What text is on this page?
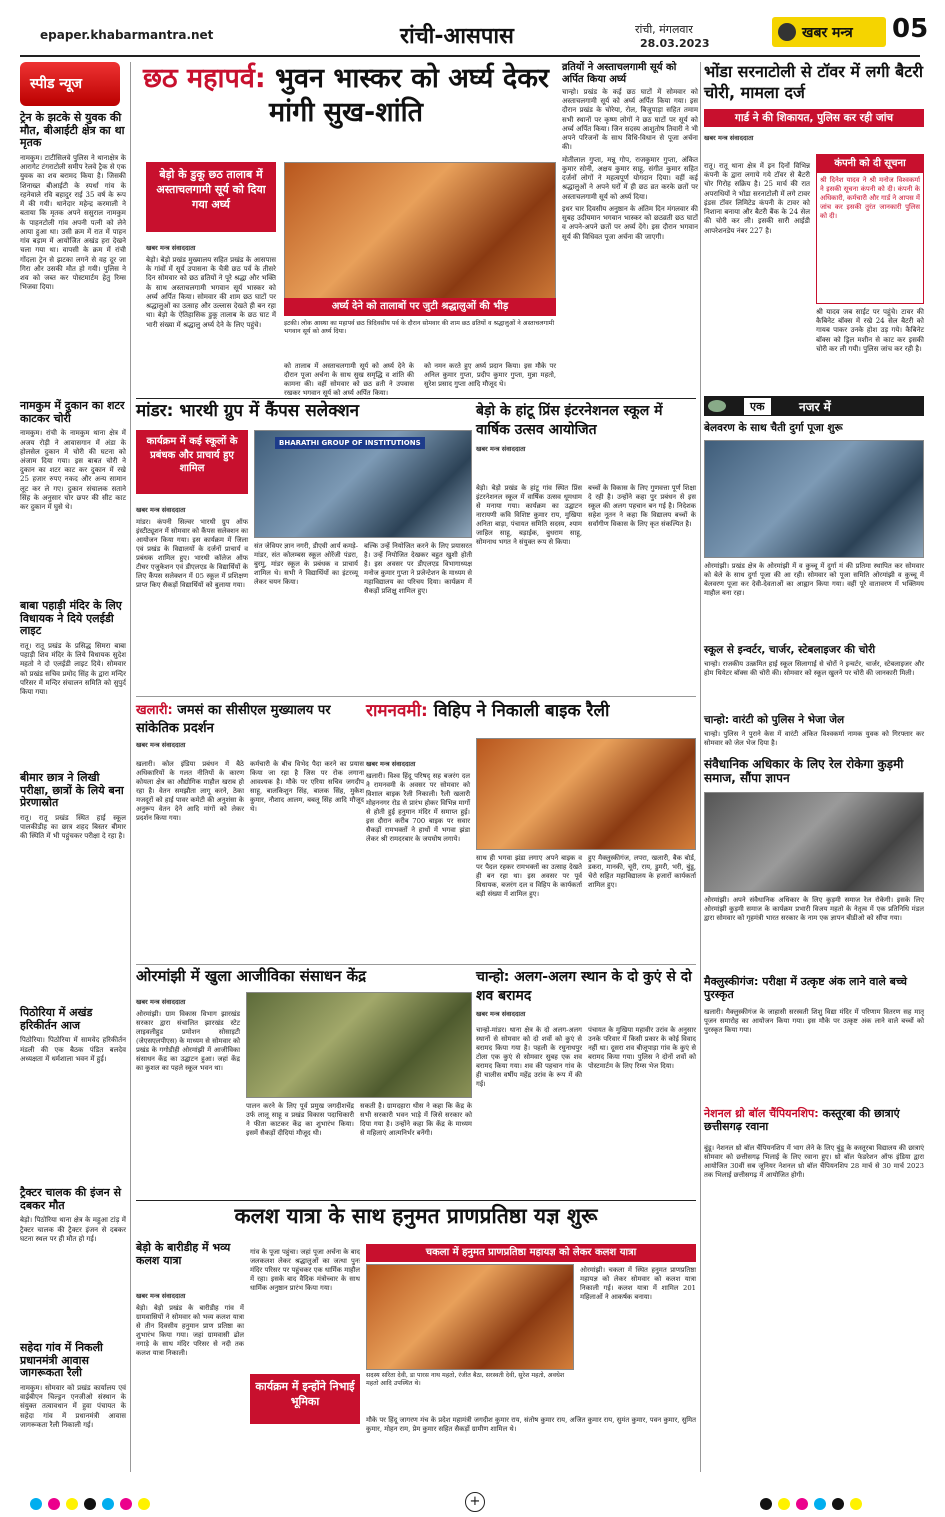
epaper.khabarmantra.net	रांची-आसपास	रांची, मंगलवार
28.03.2023
खबर मन्त्र 05
स्पीड न्यूज
ट्रेन के झटके से युवक की मौत, बीआईटी क्षेत्र का था मृतक
नामकुम। टाटीसिलवे पुलिस ने थानाक्षेत्र के आरागेट टंगराटोली समीप रेलवे ट्रैक से एक युवक का शव बरामद किया है। जिसकी शिनाख्त बीआईटी के स्पर्धा गांव के रहनेवाले रवि बहादुर राई 35 वर्ष के रूप में की गयी। थानेदार महेन्द्र करमाली ने बताया कि मृतक अपने ससुराल नामकुम के पाहनटोली गांव अपनी पत्नी को लेने आया हुआ था। उसी क्रम में रात में पाहन गांव बड़ाम में आयोजित अखंड हरा देखने चला गया था। वापसी के क्रम में रांची गोंदला ट्रेन से झटका लगने से वह दूर जा गिरा और उसकी मौत हो गयी। पुलिस ने शव को जब्त कर पोस्टमार्टम हेतु रिम्स भिजवा दिया।
नामकुम में दुकान का शटर काटकर चोरी
नामकुम। रांची के नामकुम थाना क्षेत्र में अजय रोड़ी ने आवासगान में अंडा के होलसेल दुकान में चोरी की घटना को अंजाम दिया गया। इस बाबत चोरी ने दुकान का शटर काट कर दुकान में रखे 25 हजार रुपए नकद और अन्य सामान लूट कर ले गए। दुकान संचालक सताने सिंह के अनुसार चोर छ्पर की सीट काट कर दुकान में घुसे थे।
बाबा पहाड़ी मंदिर के लिए विधायक ने दिये एलईडी लाइट
रातू। रातू प्रखंड के प्रसिद्ध सिमरा बाबा पहाड़ी शिव मंदिर के लिये विधायक सुदेश महतो ने दो एलईडी लाइट दिये। सोमवार को प्रखंड सचिव प्रमोद सिंह के द्वारा मन्दिर परिसर में मन्दिर संचालन समिति को सुपुर्द किया गया।
बीमार छात्र ने लिखी परीक्षा, छात्रों के लिये बना प्रेरणास्रोत
रातू। रातू प्रखंड स्थित हाई स्कूल पालकीडीह का छात्र शहद बिस्तर बीमार की स्थिति में भी पहुंचकर परीक्षा दे रहा है।
पिठोरिया में अखंड हरिकीर्तन आज
पिठोरिया। पिठोरिया में सामवेद हरिकीर्तन मंडली की एक बैठक पंडित बलदेव अध्यक्षता में धर्मशाला भवन में हुई।
ट्रैक्टर चालक की इंजन से दबकर मौत
बेड़ो। पिठोरिया थाना क्षेत्र के महुआ टांड़ में ट्रैक्टर चालक की ट्रैक्टर इंजन से दबकर घटना स्थल पर ही मौत हो गई।
सहेदा गांव में निकली प्रधानमंत्री आवास जागरूकता रैली
नामकुम। सोमवार को प्रखंड कार्यालय एवं वाईबीएन चिल्ड्रन एनजीओ संस्थान के संयुक्त तत्वावधान में हुवा पंचायत के सहेदा गांव में प्रधानमंत्री आवास जागरूकता रैली निकाली गई।
छठ महापर्व: भुवन भास्कर को अर्घ्य देकर मांगी सुख-शांति
बेड़ो के डुकू छठ तालाब में अस्ताचलगामी सूर्य को दिया गया अर्घ्य
खबर मन्त्र संवाददाता
बेड़ो। बेड़ो प्रखंड मुख्यालय सहित प्रखंड के आसपास के गांवों में सूर्य उपासना के चैत्री छठ पर्व के तीसरे दिन सोमवार को छठ व्रतियों ने पूरे श्रद्धा और भक्ति के साथ अस्ताचलगामी भगवान सूर्य भास्कर को अर्घ्य अर्पित किया। सोमवार की शाम छठ घाटों पर श्रद्धालुओं का उत्साह और उल्लास देखते ही बन रहा था। बेड़ो के ऐतिहासिक डुकू तालाब के छठ घाट में भारी संख्या में श्रद्धालु अर्घ्य देने के लिए पहुंचे।
अर्घ्य देने को तालाबों पर जुटी श्रद्धालुओं की भीड़
इटकी। लोक आस्था का महापर्व छठ त्रिदिवसीय पर्व के दौरान सोमवार की शाम छठ व्रतियों व श्रद्धालुओं ने अस्ताचलगामी भगवान सूर्य को अर्घ्य दिया।
को तालाब में अस्ताचलगामी सूर्य को अर्घ्य देने के दौरान पूजा अर्चना के साथ सुख समृद्धि व शांति की कामना की। वहीं सोमवार को छठ व्रती ने उपवास रखकर भगवान सूर्य को अर्घ्य अर्पित किया।
को नमन करते हुए अर्घ्य प्रदान किया। इस मौके पर अनिल कुमार गुप्ता, प्रदीप कुमार गुप्ता, मुन्ना महतो, सुरेश प्रसाद गुप्ता आदि मौजूद थे।
व्रतियों ने अस्ताचलगामी सूर्य को अर्पित किया अर्घ्य
चान्हो। प्रखंड के कई छठ घाटों में सोमवार को अस्ताचलगामी सूर्य को अर्घ्य अर्पित किया गया। इस दौरान प्रखंड के चोरेया, रोल, बिजुपाड़ा सहित तमाम सभी स्थानों पर कृष्ण लोगों ने छठ घाटों पर सूर्य को अर्घ्य अर्पित किया। जिन सदस्य आशुतोष तिवारी ने भी अपने परिजनों के साथ विधि-विधान से पूजा अर्चना की।
मोतीलाल गुप्ता, मन्नू गोप, राजकुमार गुप्ता, अंकित कुमार सोनी, अक्षय कुमार साहू, संगीत कुमार सहित दर्जनों लोगों ने महत्वपूर्ण योगदान दिया। वहीं कई श्रद्धालुओं ने अपने घरों में ही छठ व्रत करके छतों पर अस्ताचलगामी सूर्य को अर्घ्य दिया।
इधर चार दिवसीय अनुष्ठान के अंतिम दिन मंगलवार की सुबह उदीयमान भगवान भास्कर को छठव्रती छठ घाटों व अपने-अपने छतों पर अर्घ्य देंगे। इस दौरान भगवान सूर्य की विधिवत पूजा अर्चना की जाएगी।
भोंडा सरनाटोली से टॉवर में लगी बैटरी चोरी, मामला दर्ज
गार्ड ने की शिकायत, पुलिस कर रही जांच
खबर मन्त्र संवाददाता
रातू। रातू थाना क्षेत्र में इन दिनों विभिन्न कंपनी के द्वारा लगाये गये टॉवर से बैटरी चोर गिरोह सक्रिय है। 25 मार्च की रात अपराधियों ने भोंडा सरनाटोली में लगे टावर इंडस टॉवर लिमिटेड कंपनी के टावर को निशाना बनाया और बैटरी बैंक के 24 सेल की चोरी कर ली। इसकी सारी आईडी आपरेशनडेय नंबर 227 है।
कंपनी को दी सूचना
श्री दिनेश यादव ने श्री मनोज विश्वकर्मा ने इसकी सूचना कंपनी को दी। कंपनी के अधिकारी, कर्मचारी और गार्ड ने आपस में जांच कर इसकी तुरंत जानकारी पुलिस को दी।
श्री यादव जब साईट पर पहुंचे। टावर की कैबिनेट बॉक्स में रखे 24 सेल बैटरी को गायब पाकर उनके होश उड़ गये। कैबिनेट बॉक्स को ड्रिल मशीन से काट कर इसकी चोरी कर ली गयी। पुलिस जांच कर रही है।
एक	नजर में
बेलवरण के साथ चैती दुर्गा पूजा शुरू
ओरमांझी। प्रखंड क्षेत्र के ओरमांझी में व कुच्चू में दुर्गा मं की प्रतिमा स्थापित कर सोमवार को बेले के साथ दुर्गा पूजा की आ रही। सोमवार को पूजा समिति ओरमांझी व कुच्चू में बेलवरण पूजा कर देवी-देवताओं का आह्वान किया गया। वहीं पूरे वातावरण में भक्तिमय माहौल बना रहा।
स्कूल से इन्वर्टर, चार्जर, स्टेबलाइजर की चोरी
चान्हो। राजकीय उत्क्रमित हाई स्कूल सिलागाई से चोरों ने इन्वर्टर, चार्जर, स्टेबलाइजर और होम थियेटर बॉक्स की चोरी की। सोमवार को स्कूल खुलने पर चोरी की जानकारी मिली।
चान्हो: वारंटी को पुलिस ने भेजा जेल
चान्हो। पुलिस ने पुराने केस में वारंटी अंकित विश्वकर्मा नामक युवक को गिरफ्तार कर सोमवार को जेल भेज दिया है।
संवैधानिक अधिकार के लिए रेल रोकेगा कुड़मी समाज, सौंपा ज्ञापन
ओरमांझी। अपने संवैधानिक अधिकार के लिए कुड़मी समाज रेल रोकेगी। इसके लिए ओरमांझी कुड़मी समाज के कार्यक्रम प्रभारी विजय महतो के नेतृत्व में एक प्रतिनिधि मंडल द्वारा सोमवार को गृहमंत्री भारत सरकार के नाम एक ज्ञापन बीडीओ को सौंपा गया।
मैक्लुस्कीगंज: परीक्षा में उत्कृष्ट अंक लाने वाले बच्चे पुरस्कृत
खलारी। मैक्लुस्कीगंज के जाहासी सरस्वती शिशु विद्या मंदिर में परिणाम वितरण सह मातृ पूजन समारोह का आयोजन किया गया। इस मौके पर उत्कृष्ट अंक लाने वाले बच्चों को पुरस्कृत किया गया।
नेशनल थ्रो बॉल चैंपियनशिप: कस्तूरबा की छात्राएं छत्तीसगढ़ रवाना
बुंडू। नेशनल थ्रो बॉल चैंपियनशिप में भाग लेने के लिए बुंडू के कस्तूरबा विद्यालय की छात्राएं सोमवार को छत्तीसगढ़ भिलाई के लिए रवाना हुए। थ्रो बॉल फेडरेशन ऑफ इंडिया द्वारा आयोजित 30वीं सब जूनियर नेशनल थ्रो बॉल चैंपियनशिप 28 मार्च से 30 मार्च 2023 तक भिलाई छत्तीसगढ़ में आयोजित होगी।
मांडर: भारथी ग्रुप में कैंपस सलेक्शन
कार्यक्रम में कई स्कूलों के प्रबंधक और प्राचार्य हुए शामिल
खबर मन्त्र संवाददाता
मांडर। कंपनी सिल्वर भारथी ग्रुप ऑफ इंस्टीट्यूशन में सोमवार को कैंपस सलेक्शन का आयोजन किया गया। इस कार्यक्रम में जिला एवं प्रखंड के विद्यालयों के दर्जनों प्राचार्य व प्रबंधक शामिल हुए। भारथी कॉलेज ऑफ टीचर एजुकेशन एवं डीएलएड के विद्यार्थियों के लिए कैंपस सलेक्शन में 05 स्कूल में प्रशिक्षण प्राप्त किए सैकड़ों विद्यार्थियों को बुलाया गया।
BHARATHI GROUP OF INSTITUTIONS
संत जेवियर ज्ञान नगरी, डीएवी आर्य कमड़े-मांडर, संत कोलम्बस स्कूल ओरेंजी पंडरा, बुरमु, मांडर स्कूल के प्रबंधक व प्राचार्य शामिल थे। सभी ने विद्यार्थियों का इंटरव्यू लेकर चयन किया।
बल्कि उन्हें नियोजित करने के लिए प्रयासरत है। उन्हें नियोजित देखकर बहुत खुशी होती है। इस अवसर पर डीएलएड विभागाध्यक्ष मनोज कुमार गुप्ता ने प्रजेन्टेशन के माध्यम से महाविद्यालय का परिचय दिया। कार्यक्रम में सैकड़ों प्रशिक्षु शामिल हुए।
बेड़ो के हांटू प्रिंस इंटरनेशनल स्कूल में वार्षिक उत्सव आयोजित
खबर मन्त्र संवाददाता
बेड़ो। बेड़ो प्रखंड के हांटू गांव स्थित प्रिंस इंटरनेशनल स्कूल में वार्षिक उत्सव धूमधाम से मनाया गया। कार्यक्रम का उद्घाटन नारायणी कवि विशिष्ट कुमार राय, मुखिया अनिता बाड़ा, पंचायत समिति सदस्य, श्याम जाहिल साहू, बड़ाईक, बुधराम साहू, सोमनाथ भगत ने संयुक्त रूप से किया।
बच्चों के विकास के लिए गुणवत्ता पूर्ण शिक्षा दे रही है। उन्होंने कहा पुर प्रबंधन से इस स्कूल की अलग पहचान बन गई है। निदेशक सहेश नूतन ने कहा कि विद्यालय बच्चों के सर्वांगीण विकास के लिए कृत संकल्पित है।
खलारी: जमसं का सीसीएल मुख्यालय पर सांकेतिक प्रदर्शन
खबर मन्त्र संवाददाता
खलारी। कोल इंडिया प्रबंधन में बैठे अधिकारियों के गलत नीतियों के कारण कोयला क्षेत्र का औद्योगिक माहौल खराब हो रहा है। वेतन समझौता लागू करने, ठेका मजदूरों को हाई पावर कमेटी की अनुशंसा के अनुरूप वेतन देने आदि मांगों को लेकर प्रदर्शन किया गया।
कर्मचारी के बीच विभेद पैदा करने का प्रयास किया जा रहा है जिस पर रोक लगाना आवश्यक है। मौके पर एरिया सचिव जगदीप साहू, बालकिशुन सिंह, बालक सिंह, मुकेश कुमार, नौशाद आलम, बबलू सिंह आदि मौजूद थे।
रामनवमी: विहिप ने निकाली बाइक रैली
खबर मन्त्र संवाददाता
खलारी। विश्व हिंदू परिषद् सह बजरंग दल ने रामनवमी के अवसर पर सोमवार को विशाल बाइक रैली निकाली। रैली खलारी मोहननगर रोड से प्रारंभ होकर विभिन्न मार्गो से होती हुई हनुमान मंदिर में समाप्त हुई। इस दौरान करीब 700 बाइक पर सवार सैकड़ों रामभक्तों ने हाथों में भगवा झंडा लेकर श्री रामदरबार के जयघोष लगाये।
साथ ही भगवा झंडा लगाए अपने बाइक व पर पैदल रहकर रामभक्तों का उत्साह देखते ही बन रहा था। इस अवसर पर पूर्व विधायक, बजरंग दल व विहिप के कार्यकर्ता बड़ी संख्या में शामिल हुए।
हुए मैक्लुस्कीगंज, लपरा, खलारी, बैक बोर्ड, डकरा, मानकी, चूरी, राय, डुमरी, भरी, बुंडू, चेरो सहित महाविद्यालय के हजारों कार्यकर्ता शामिल हुए।
ओरमांझी में खुला आजीविका संसाधन केंद्र
खबर मन्त्र संवाददाता
ओरमांझी। ग्राम विकास विभाग झारखंड सरकार द्वारा संचालित झारखंड स्टेट लाइवलीहुड प्रमोशन सोसाइटी (जेएसएलपीएस) के माध्यम से सोमवार को प्रखंड के गगोडीही ओरमांझी में आजीविका संसाधन केंद्र का उद्घाटन हुआ। जहां केंद्र का कुशल का पहले स्कूल भवन था।
पालन करने के लिए पूर्व प्रमुख जगदीशचेंद्र उर्फ लालू साहू व प्रखंड विकास पदाधिकारी ने फीता काटकर केंद्र का शुभारंभ किया। इसमें सैकड़ों दीदियां मौजूद थी।
सकती है। ग्रामदहारा थीस ने कहा कि केंद्र के सभी सरकारी भवन भाड़े में जिसे सरकार को दिया गया है। उन्होंने कहा कि केंद्र के माध्यम से महिलाएं आत्मनिर्भर बनेंगी।
चान्हो: अलग-अलग स्थान के दो कुएं से दो शव बरामद
खबर मन्त्र संवाददाता
चान्हो-मांडर। थाना क्षेत्र के दो अलग-अलग स्थानों से सोमवार को दो शवों को कुएं से बरामद किया गया है। पहली के रघुनाथपुर टोला एक कुएं से सोमवार सुबह एक शव बरामद किया गया। शव की पहचान गांव के ही चालीस वर्षीय महेंद्र उरांव के रूप में की गई।
पंचायत के मुखिया महावीर उरांव के अनुसार उनके परिवार में किसी प्रकार के कोई विवाद नहीं था। दूसरा शव बीजूपाड़ा गांव के कुएं से बरामद किया गया। पुलिस ने दोनों शवों को पोस्टमार्टम के लिए रिम्स भेज दिया।
कलश यात्रा के साथ हनुमत प्राणप्रतिष्ठा यज्ञ शुरू
बेड़ो के बारीडीह में भव्य कलश यात्रा
खबर मन्त्र संवाददाता
बेड़ो। बेड़ो प्रखंड के बारीडीह गांव में ग्रामवासियों ने सोमवार को भव्य कलश यात्रा से तीन दिवसीय हनुमान प्राण प्रतिष्ठा का शुभारंभ किया गया। जहां ग्रामवासी ढोल नगाड़े के साथ मंदिर परिसर से नदी तक कलश यात्रा निकाली।
गांव के पूजा पहुंचा। जहां पूजा अर्चना के बाद जलकलश लेकर श्रद्धालुओं का जत्था पुनः मंदिर परिसर पर पहुंचकर एक धार्मिक माहौल में रहा। इसके बाद वैदिक मंत्रोच्चार के साथ धार्मिक अनुष्ठान प्रारंभ किया गया।
कार्यक्रम में इन्होंने निभाई भूमिका
चकला में हनुमत प्राणप्रतिष्ठा महायज्ञ को लेकर कलश यात्रा
सदस्य सरिता देवी, डा पारस नाथ महतो, रंजीत बैठा, सरस्वती देवी, सुरेश महतो, अवधेश महतो आदि उपस्थित थे।
ओरमांझी। चकला में स्थित हनुमत प्राणप्रतिष्ठा महायज्ञ को लेकर सोमवार को कलश यात्रा निकाली गई। कलश यात्रा में शामिल 201 महिलाओं ने आकर्षक बनाया।
मौके पर हिंदू जागरण मंच के प्रदेश महामंत्री जगदीश कुमार राय, संतोष कुमार राय, अजित कुमार राय, सुमंत कुमार, पवन कुमार, सुमित कुमार, मोहन राम, प्रेम कुमार सहित सैकड़ों ग्रामीण शामिल थे।
+
